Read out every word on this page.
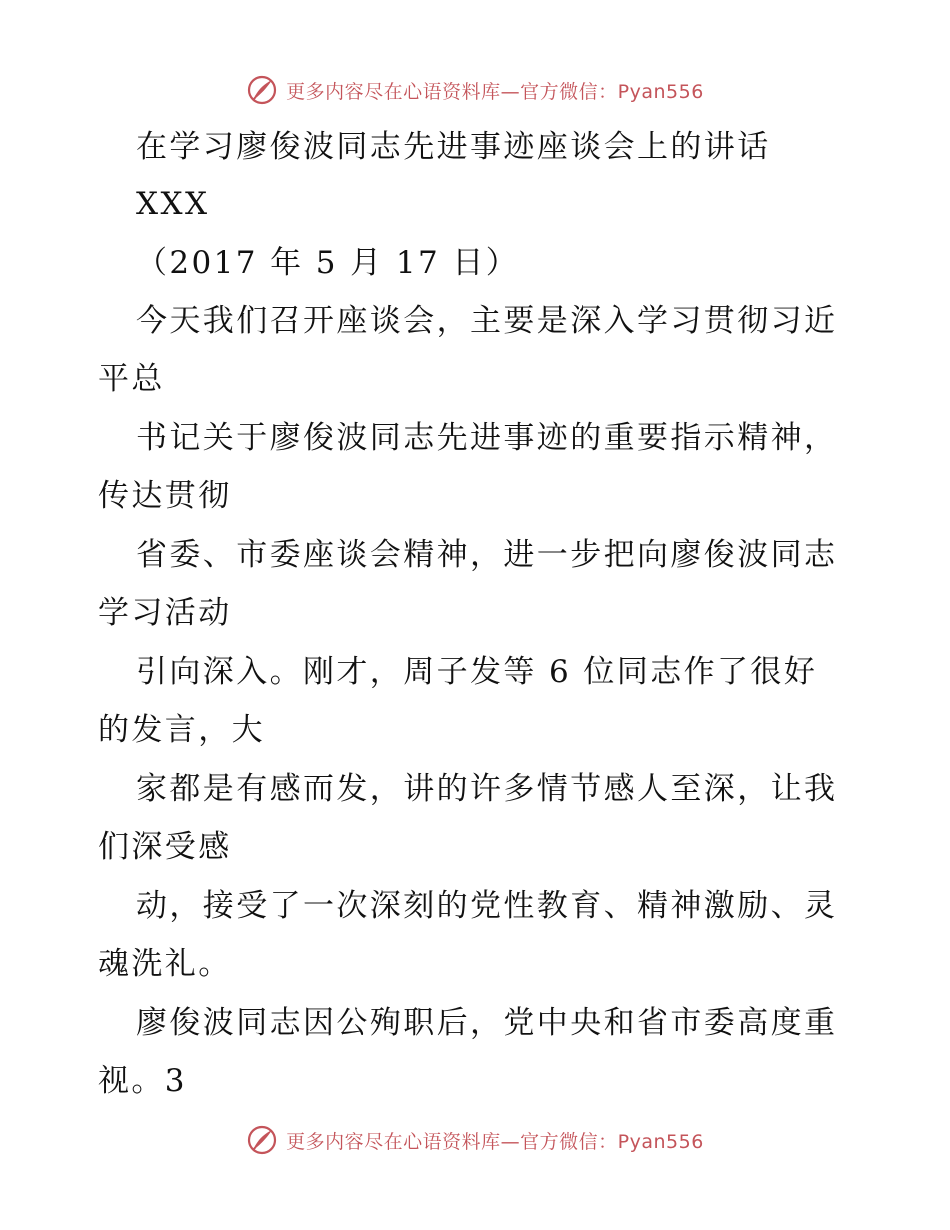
更多内容尽在心语资料库—官方微信：Pyan556
在学习廖俊波同志先进事迹座谈会上的讲话
XXX
（2017 年 5 月 17 日）
今天我们召开座谈会，主要是深入学习贯彻习近
平总
书记关于廖俊波同志先进事迹的重要指示精神，
传达贯彻
省委、市委座谈会精神，进一步把向廖俊波同志
学习活动
引向深入。刚才，周子发等 6 位同志作了很好
的发言，大
家都是有感而发，讲的许多情节感人至深，让我
们深受感
动，接受了一次深刻的党性教育、精神激励、灵
魂洗礼。
廖俊波同志因公殉职后，党中央和省市委高度重
视。3
更多内容尽在心语资料库—官方微信：Pyan556
